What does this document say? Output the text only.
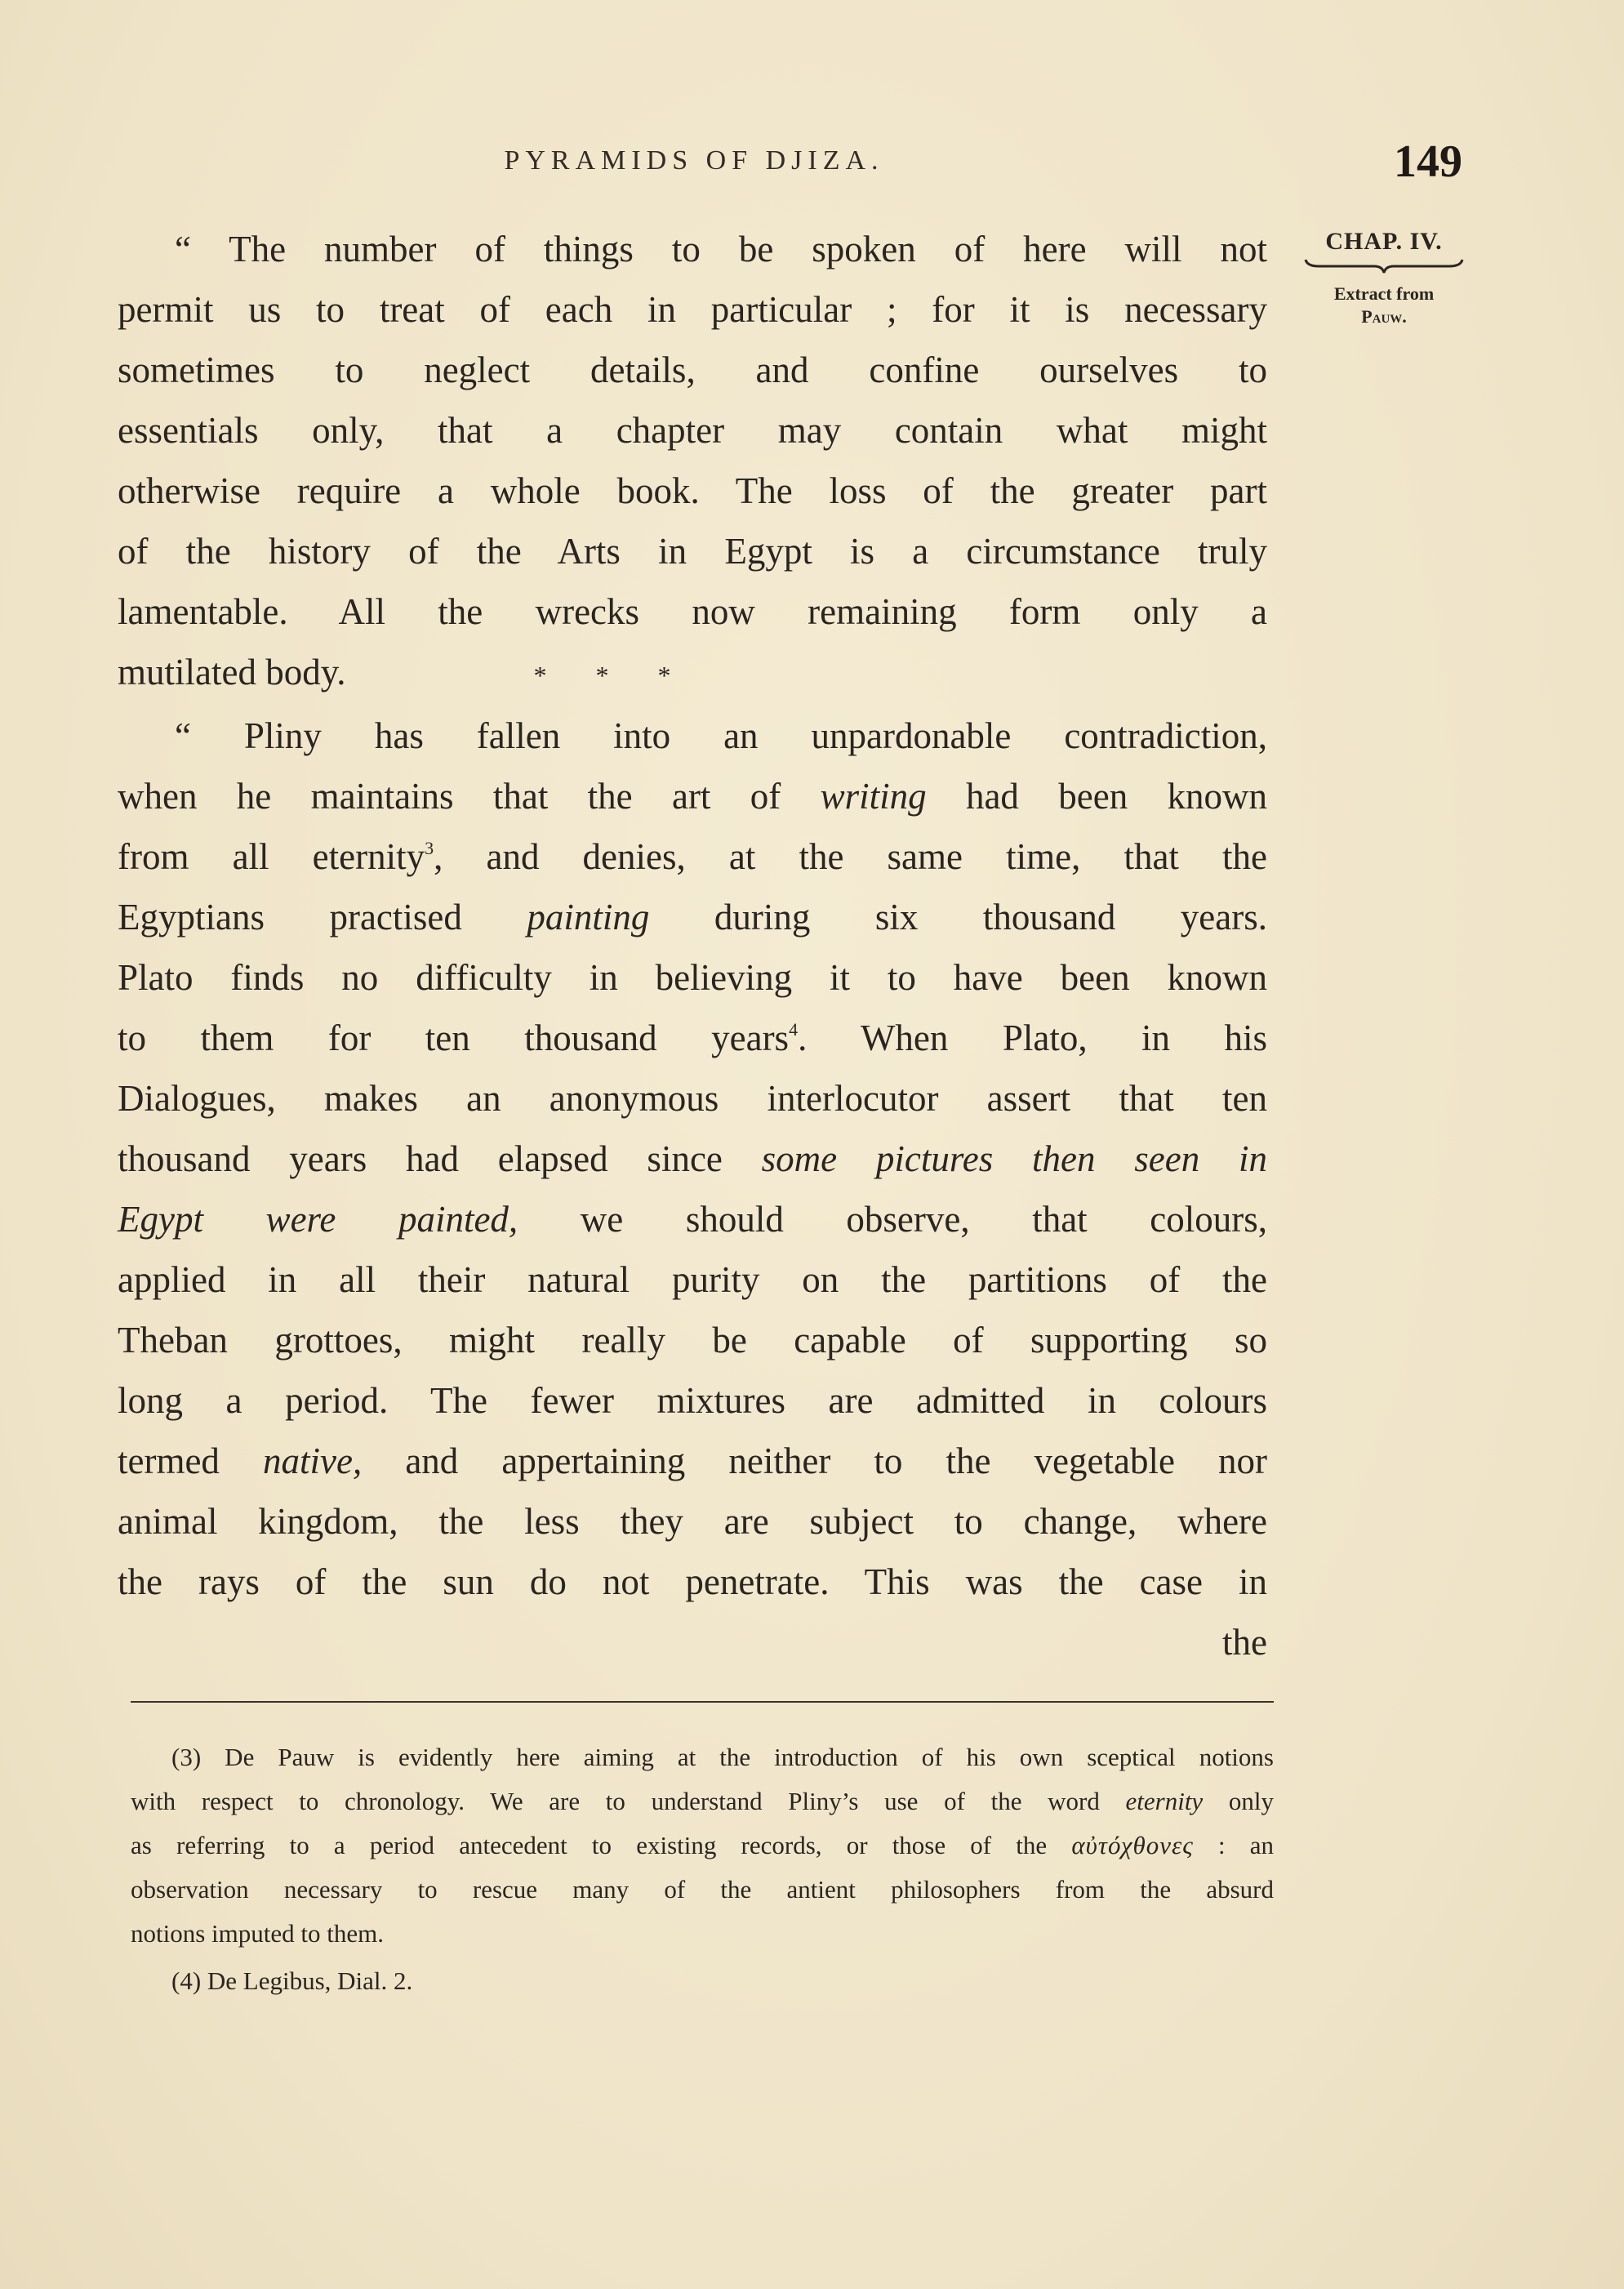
PYRAMIDS OF DJIZA.	149
CHAP. IV.
Extract from
Pauw.
“ The number of things to be spoken of here will not
permit us to treat of each in particular ; for it is necessary
sometimes to neglect details, and confine ourselves to
essentials only, that a chapter may contain what might
otherwise require a whole book. The loss of the greater part
of the history of the Arts in Egypt is a circumstance truly
lamentable. All the wrecks now remaining form only a
mutilated body.	* * *
“ Pliny has fallen into an unpardonable contradiction,
when he maintains that the art of writing had been known
from all eternity$^3$, and denies, at the same time, that the
Egyptians practised painting during six thousand years.
Plato finds no difficulty in believing it to have been known
to them for ten thousand years$^4$. When Plato, in his
Dialogues, makes an anonymous interlocutor assert that ten
thousand years had elapsed since some pictures then seen in
Egypt were painted, we should observe, that colours,
applied in all their natural purity on the partitions of the
Theban grottoes, might really be capable of supporting so
long a period. The fewer mixtures are admitted in colours
termed native, and appertaining neither to the vegetable nor
animal kingdom, the less they are subject to change, where
the rays of the sun do not penetrate. This was the case in
the
(3) De Pauw is evidently here aiming at the introduction of his own sceptical notions
with respect to chronology. We are to understand Pliny’s use of the word eternity only
as referring to a period antecedent to existing records, or those of the αὐτόχθονες : an
observation necessary to rescue many of the antient philosophers from the absurd
notions imputed to them.
(4) De Legibus, Dial. 2.
